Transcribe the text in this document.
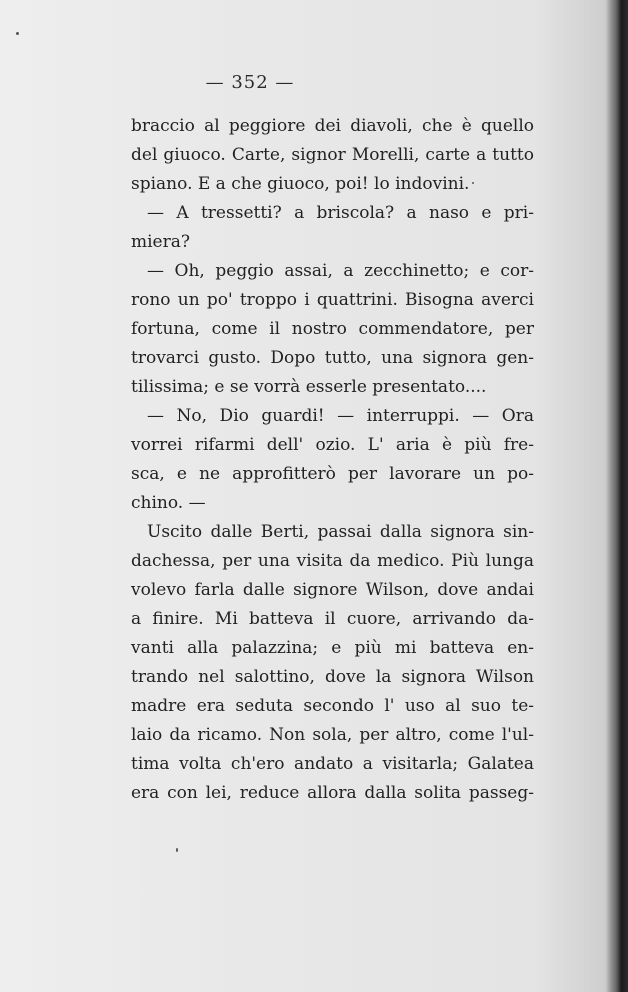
— 352 —
braccio al peggiore dei diavoli, che è quello
del giuoco. Carte, signor Morelli, carte a tutto
spiano. E a che giuoco, poi! lo indovini.
— A tressetti? a briscola? a naso e pri-
miera?
— Oh, peggio assai, a zecchinetto; e cor-
rono un po' troppo i quattrini. Bisogna averci
fortuna, come il nostro commendatore, per
trovarci gusto. Dopo tutto, una signora gen-
tilissima; e se vorrà esserle presentato....
— No, Dio guardi! — interruppi. — Ora
vorrei rifarmi dell' ozio. L' aria è più fre-
sca, e ne approfitterò per lavorare un po-
chino. —
Uscito dalle Berti, passai dalla signora sin-
dachessa, per una visita da medico. Più lunga
volevo farla dalle signore Wilson, dove andai
a finire. Mi batteva il cuore, arrivando da-
vanti alla palazzina; e più mi batteva en-
trando nel salottino, dove la signora Wilson
madre era seduta secondo l' uso al suo te-
laio da ricamo. Non sola, per altro, come l'ul-
tima volta ch'ero andato a visitarla; Galatea
era con lei, reduce allora dalla solita passeg-
